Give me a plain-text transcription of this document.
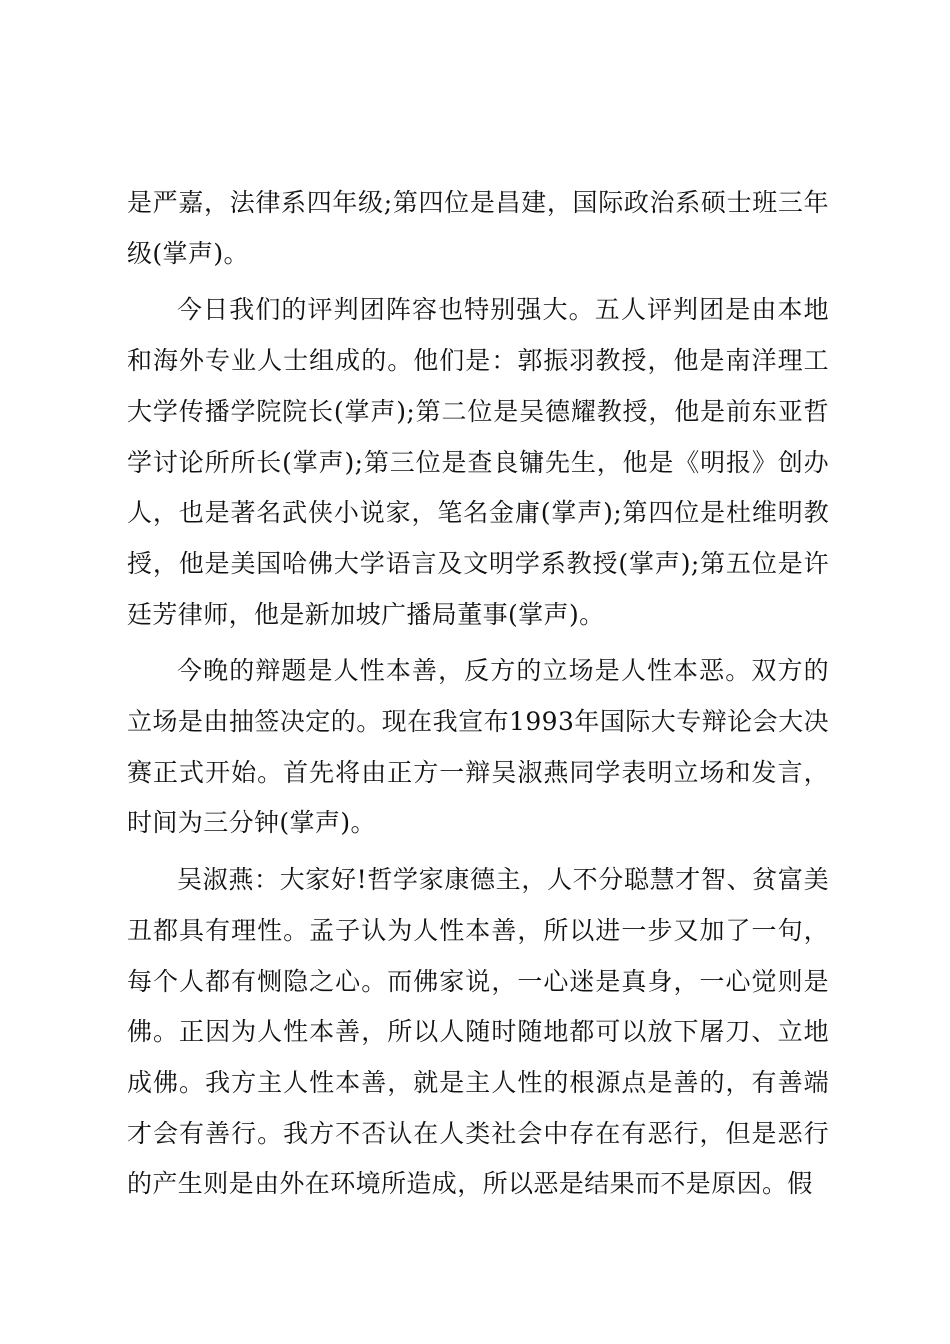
是严嘉，法律系四年级;第四位是昌建，国际政治系硕士班三年级(掌声)。

今日我们的评判团阵容也特别强大。五人评判团是由本地和海外专业人士组成的。他们是：郭振羽教授，他是南洋理工大学传播学院院长(掌声);第二位是吴德耀教授，他是前东亚哲学讨论所所长(掌声);第三位是查良镛先生，他是《明报》创办人，也是著名武侠小说家，笔名金庸(掌声);第四位是杜维明教授，他是美国哈佛大学语言及文明学系教授(掌声);第五位是许廷芳律师，他是新加坡广播局董事(掌声)。

今晚的辩题是人性本善，反方的立场是人性本恶。双方的立场是由抽签决定的。现在我宣布1993年国际大专辩论会大决赛正式开始。首先将由正方一辩吴淑燕同学表明立场和发言，时间为三分钟(掌声)。

吴淑燕：大家好!哲学家康德主，人不分聪慧才智、贫富美丑都具有理性。孟子认为人性本善，所以进一步又加了一句，每个人都有恻隐之心。而佛家说，一心迷是真身，一心觉则是佛。正因为人性本善，所以人随时随地都可以放下屠刀、立地成佛。我方主人性本善，就是主人性的根源点是善的，有善端才会有善行。我方不否认在人类社会中存在有恶行，但是恶行的产生则是由外在环境所造成，所以恶是结果而不是原因。假
